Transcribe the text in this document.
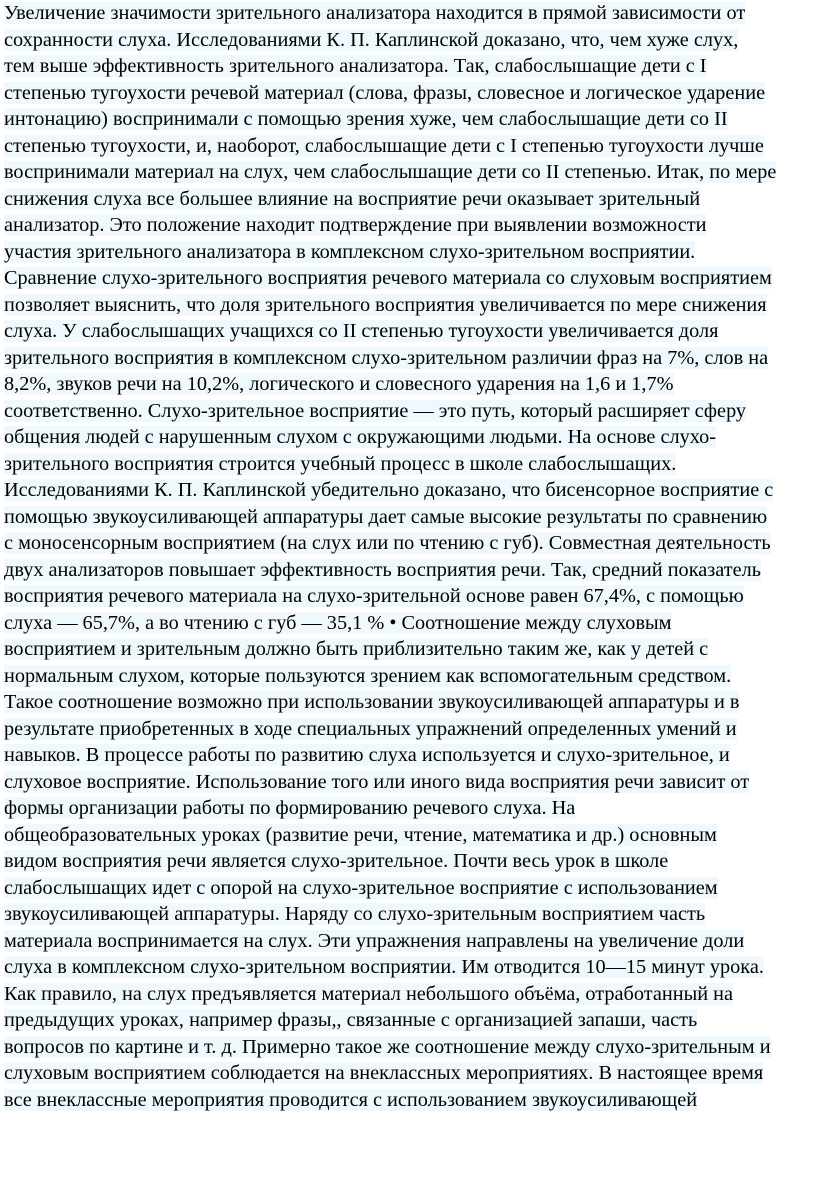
Увеличение значимости зрительного анализатора находится в прямой зависимости от
сохранности слуха. Исследованиями К. П. Каплинской доказано, что, чем хуже слух,
тем выше эффективность зрительного анализатора. Так, слабослышащие дети с I
степенью тугоухости речевой материал (слова, фразы, словесное и логическое ударение
интонацию) воспринимали с помощью зрения хуже, чем слабослышащие дети со II
степенью тугоухости, и, наоборот, слабослышащие дети с I степенью тугоухости лучше
воспринимали материал на слух, чем слабослышащие дети со II степенью. Итак, по мере
снижения слуха все большее влияние на восприятие речи оказывает зрительный
анализатор. Это положение находит подтверждение при выявлении возможности
участия зрительного анализатора в комплексном слухо-зрительном восприятии.
Сравнение слухо-зрительного восприятия речевого материала со слуховым восприятием
позволяет выяснить, что доля зрительного восприятия увеличивается по мере снижения
слуха. У слабослышащих учащихся со II степенью тугоухости увеличивается доля
зрительного восприятия в комплексном слухо-зрительном различии фраз на 7%, слов на
8,2%, звуков речи на 10,2%, логического и словесного ударения на 1,6 и 1,7%
соответственно. Слухо-зрительное восприятие — это путь, который расширяет сферу
общения людей с нарушенным слухом с окружающими людьми. На основе слухо-
зрительного восприятия строится учебный процесс в школе слабослышащих.
Исследованиями К. П. Каплинской убедительно доказано, что бисенсорное восприятие с
помощью звукоусиливающей аппаратуры дает самые высокие результаты по сравнению
с моносенсорным восприятием (на слух или по чтению с губ). Совместная деятельность
двух анализаторов повышает эффективность восприятия речи. Так, средний показатель
восприятия речевого материала на слухо-зрительной основе равен 67,4%, с помощью
слуха — 65,7%, а во чтению с губ — 35,1 % • Соотношение между слуховым
восприятием и зрительным должно быть приблизительно таким же, как у детей с
нормальным слухом, которые пользуются зрением как вспомогательным средством.
Такое соотношение возможно при использовании звукоусиливающей аппаратуры и в
результате приобретенных в ходе специальных упражнений определенных умений и
навыков. В процессе работы по развитию слуха используется и слухо-зрительное, и
слуховое восприятие. Использование того или иного вида восприятия речи зависит от
формы организации работы по формированию речевого слуха. На
общеобразовательных уроках (развитие речи, чтение, математика и др.) основным
видом восприятия речи является слухо-зрительное. Почти весь урок в школе
слабослышащих идет с опорой на слухо-зрительное восприятие с использованием
звукоусиливающей аппаратуры. Наряду со слухо-зрительным восприятием часть
материала воспринимается на слух. Эти упражнения направлены на увеличение доли
слуха в комплексном слухо-зрительном восприятии. Им отводится 10—15 минут урока.
Как правило, на слух предъявляется материал небольшого объёма, отработанный на
предыдущих уроках, например фразы,, связанные с организацией запаши, часть
вопросов по картине и т. д. Примерно такое же соотношение между слухо-зрительным и
слуховым восприятием соблюдается на внеклассных мероприятиях. В настоящее время
все внеклассные мероприятия проводится с использованием звукоусиливающей
